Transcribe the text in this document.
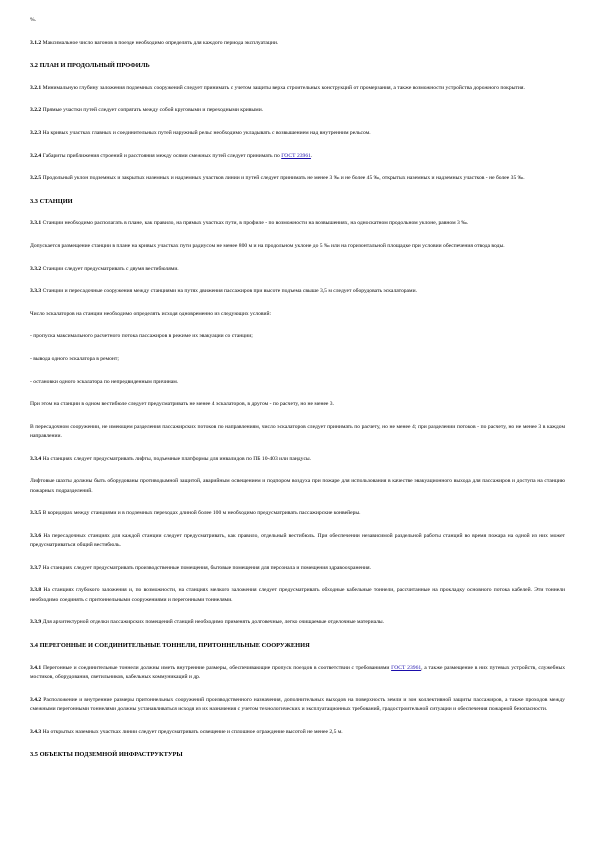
%.

3.1.2 Максимальное число вагонов в поезде необходимо определять для каждого периода эксплуатации.

3.2 ПЛАН И ПРОДОЛЬНЫЙ ПРОФИЛЬ

3.2.1 Минимальную глубину заложения подземных сооружений следует принимать с учетом защиты верха строительных конструкций от промерзания, а также возможности устройства дорожного покрытия.

3.2.2 Прямые участки путей следует сопрягать между собой круговыми и переходными кривыми.

3.2.3 На кривых участках главных и соединительных путей наружный рельс необходимо укладывать с возвышением над внутренним рельсом.

3.2.4 Габариты приближения строений и расстояния между осями смежных путей следует принимать по ГОСТ 23961.

3.2.5 Продольный уклон подземных и закрытых наземных и надземных участков линии и путей следует принимать не менее 3 ‰ и не более 45 ‰, открытых наземных и надземных участков - не более 35 ‰.

3.3 СТАНЦИИ

3.3.1 Станции необходимо располагать в плане, как правило, на прямых участках пути, в профиле - по возможности на возвышениях, на односкатном продольном уклоне, равном 3 ‰.

Допускается размещение станции в плане на кривых участках пути радиусом не менее 800 м и на продольном уклоне до 5 ‰ или на горизонтальной площадке при условии обеспечения отвода воды.

3.3.2 Станции следует предусматривать с двумя вестибюлями.

3.3.3 Станции и пересадочные сооружения между станциями на путях движения пассажиров при высоте подъема свыше 3,5 м следует оборудовать эскалаторами.

Число эскалаторов на станции необходимо определять исходя одновременно из следующих условий:

- пропуска максимального расчетного потока пассажиров в режиме их эвакуации со станции;

- вывода одного эскалатора в ремонт;

- остановки одного эскалатора по непредвиденным причинам.

При этом на станции в одном вестибюле следует предусматривать не менее 4 эскалаторов, в другом - по расчету, но не менее 3.

В пересадочном сооружении, не имеющем разделения пассажирских потоков по направлениям, число эскалаторов следует принимать по расчету, но не менее 4; при разделении потоков - по расчету, но не менее 3 в каждом направлении.

3.3.4 На станциях следует предусматривать лифты, подъемные платформы для инвалидов по ПБ 10-403 или пандусы.

Лифтовые шахты должны быть оборудованы противодымной защитой, аварийным освещением и подпором воздуха при пожаре для использования в качестве эвакуационного выхода для пассажиров и доступа на станцию пожарных подразделений.

3.3.5 В коридорах между станциями и в подземных переходах длиной более 100 м необходимо предусматривать пассажирские конвейеры.

3.3.6 На пересадочных станциях для каждой станции следует предусматривать, как правило, отдельный вестибюль. При обеспечении независимой раздельной работы станций во время пожара на одной из них может предусматриваться общий вестибюль.

3.3.7 На станциях следует предусматривать производственные помещения, бытовые помещения для персонала и помещения здравоохранения.

3.3.8 На станциях глубокого заложения и, по возможности, на станциях мелкого заложения следует предусматривать обходные кабельные тоннели, рассчитанные на прокладку основного потока кабелей. Эти тоннели необходимо соединять с притоннельными сооружениями и перегонными тоннелями.

3.3.9 Для архитектурной отделки пассажирских помещений станций необходимо применять долговечные, легко очищаемые отделочные материалы.

3.4 ПЕРЕГОННЫЕ И СОЕДИНИТЕЛЬНЫЕ ТОННЕЛИ, ПРИТОННЕЛЬНЫЕ СООРУЖЕНИЯ

3.4.1 Перегонные и соединительные тоннели должны иметь внутренние размеры, обеспечивающие пропуск поездов в соответствии с требованиями ГОСТ 23961, а также размещение в них путевых устройств, служебных мостиков, оборудования, светильников, кабельных коммуникаций и др.

3.4.2 Расположение и внутренние размеры притоннельных сооружений производственного назначения, дополнительных выходов на поверхность земли и зон коллективной защиты пассажиров, а также проходов между смежными перегонными тоннелями должны устанавливаться исходя из их назначения с учетом технологических и эксплуатационных требований, градостроительной ситуации и обеспечения пожарной безопасности.

3.4.3 На открытых наземных участках линии следует предусматривать освещение и сплошное ограждение высотой не менее 2,5 м.

3.5 ОБЪЕКТЫ ПОДЗЕМНОЙ ИНФРАСТРУКТУРЫ
